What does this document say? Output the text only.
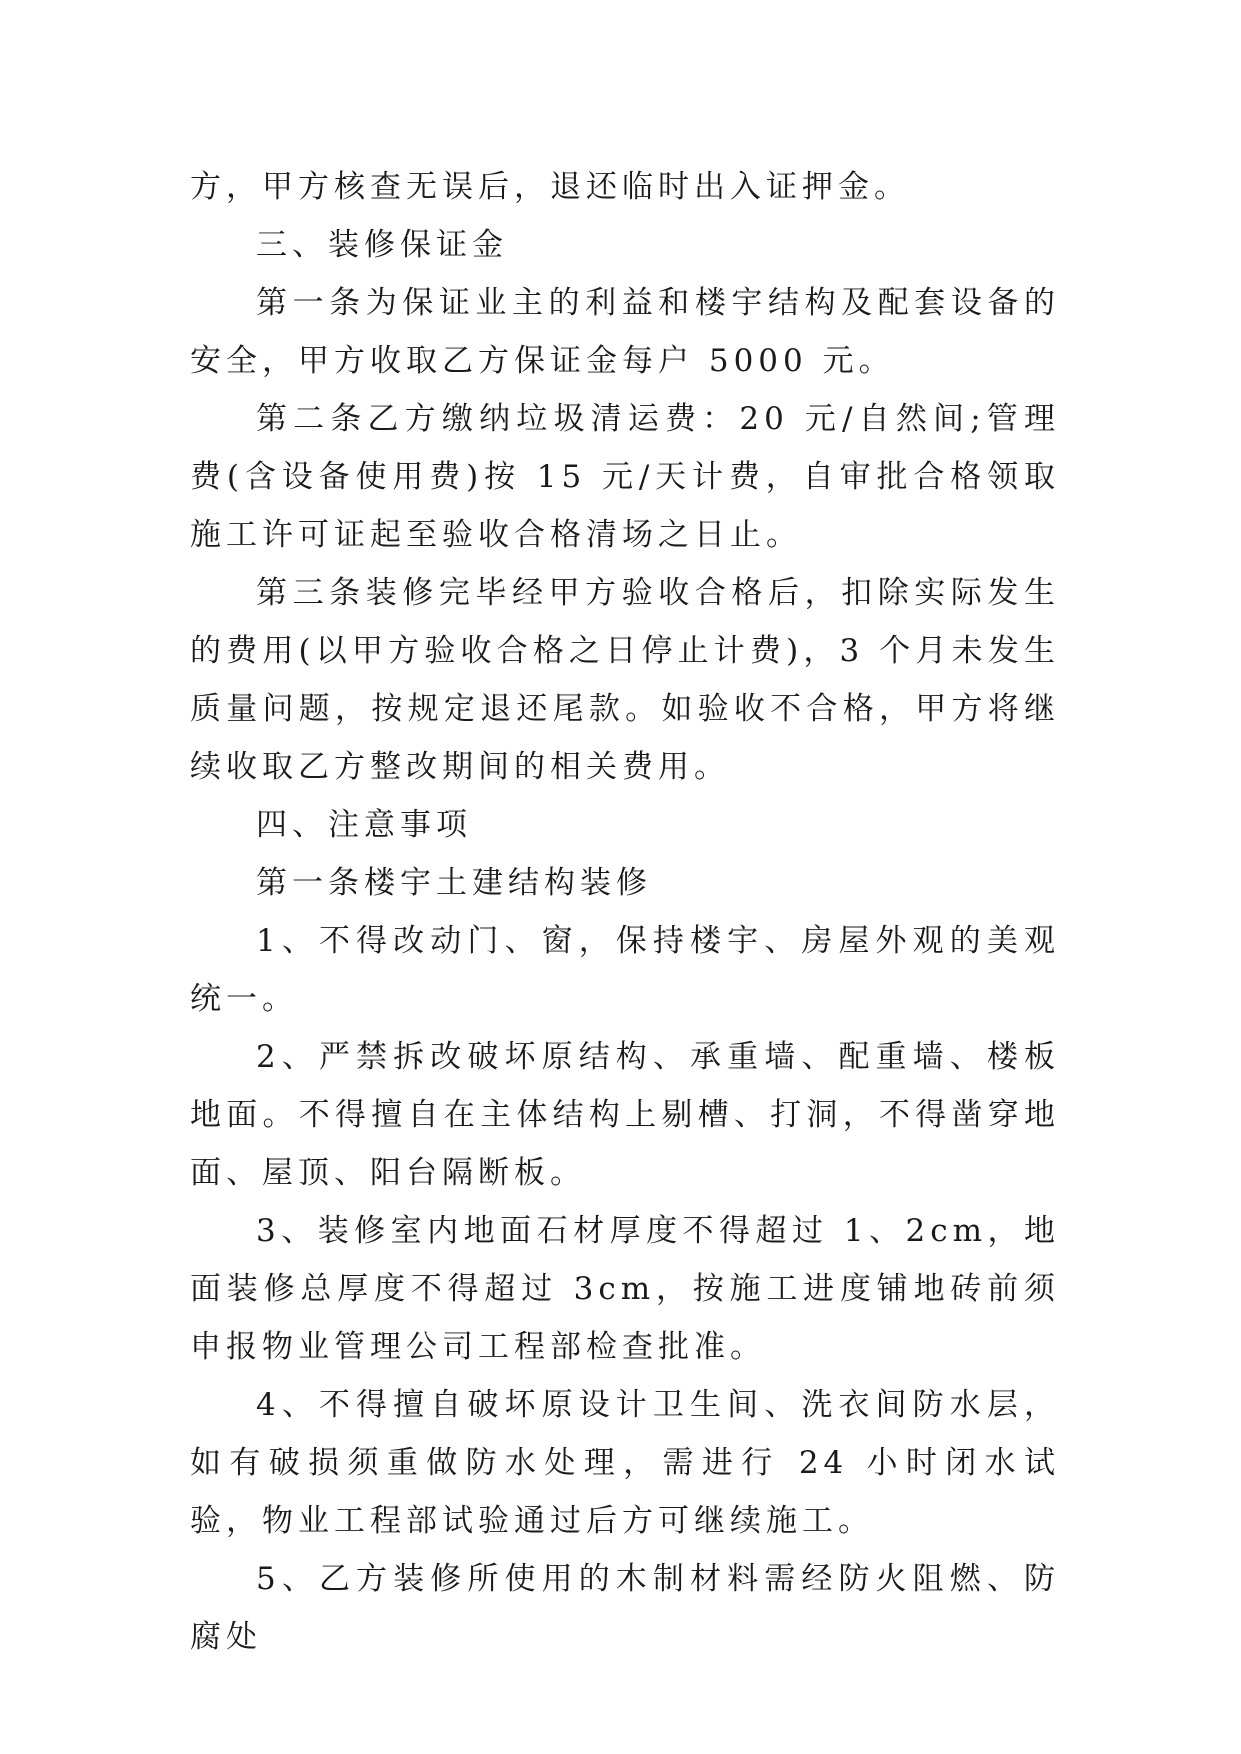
方，甲方核查无误后，退还临时出入证押金。

三、装修保证金

第一条为保证业主的利益和楼宇结构及配套设备的安全，甲方收取乙方保证金每户 5000 元。

第二条乙方缴纳垃圾清运费：20 元/自然间;管理费(含设备使用费)按 15 元/天计费，自审批合格领取施工许可证起至验收合格清场之日止。

第三条装修完毕经甲方验收合格后，扣除实际发生的费用(以甲方验收合格之日停止计费)，3 个月未发生质量问题，按规定退还尾款。如验收不合格，甲方将继续收取乙方整改期间的相关费用。

四、注意事项

第一条楼宇土建结构装修

1、不得改动门、窗，保持楼宇、房屋外观的美观统一。

2、严禁拆改破坏原结构、承重墙、配重墙、楼板地面。不得擅自在主体结构上剔槽、打洞，不得凿穿地面、屋顶、阳台隔断板。

3、装修室内地面石材厚度不得超过 1、2cm，地面装修总厚度不得超过 3cm，按施工进度铺地砖前须申报物业管理公司工程部检查批准。

4、不得擅自破坏原设计卫生间、洗衣间防水层，如有破损须重做防水处理，需进行 24 小时闭水试验，物业工程部试验通过后方可继续施工。

5、乙方装修所使用的木制材料需经防火阻燃、防腐处
